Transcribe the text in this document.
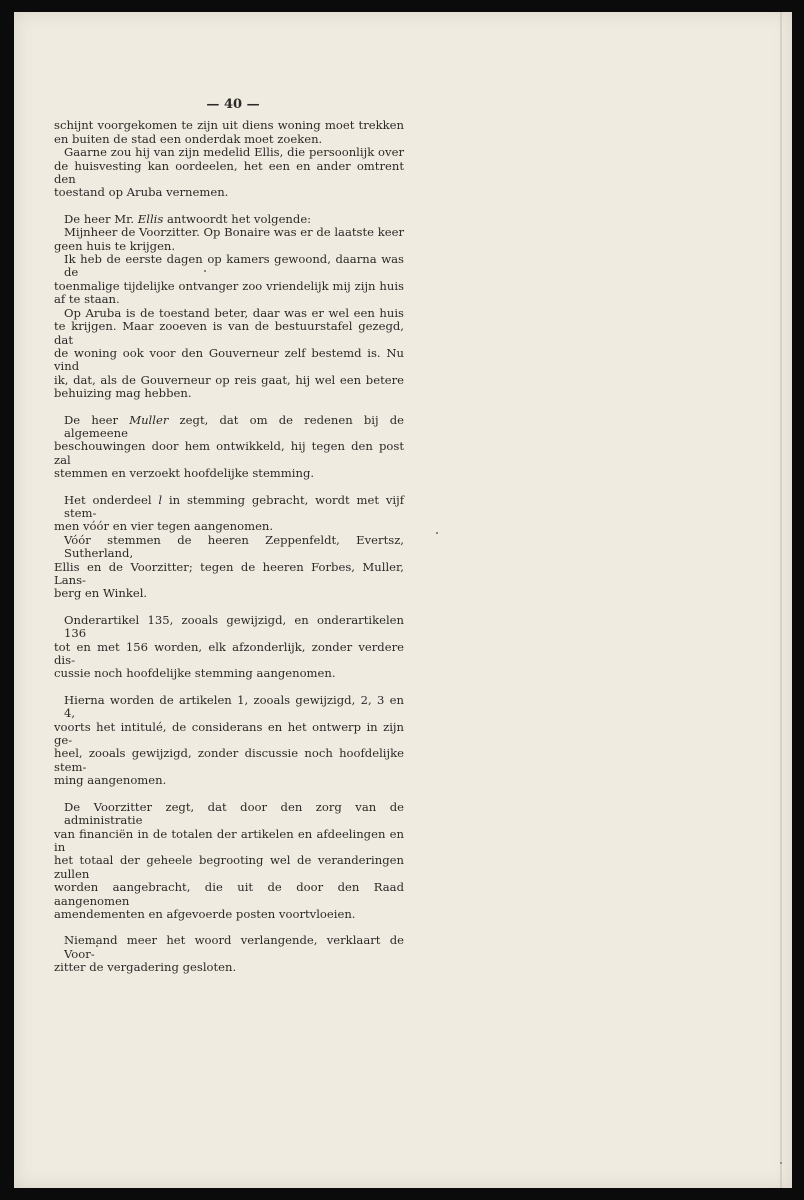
— 40 —

schijnt voorgekomen te zijn uit diens woning moet trekken
en buiten de stad een onderdak moet zoeken.

Gaarne zou hij van zijn medelid Ellis, die persoonlijk over
de huisvesting kan oordeelen, het een en ander omtrent den
toestand op Aruba vernemen.

De heer Mr. Ellis antwoordt het volgende:

Mijnheer de Voorzitter. Op Bonaire was er de laatste keer
geen huis te krijgen.

Ik heb de eerste dagen op kamers gewoond, daarna was de
toenmalige tijdelijke ontvanger zoo vriendelijk mij zijn huis
af te staan.

Op Aruba is de toestand beter, daar was er wel een huis
te krijgen. Maar zooeven is van de bestuurstafel gezegd, dat
de woning ook voor den Gouverneur zelf bestemd is. Nu vind
ik, dat, als de Gouverneur op reis gaat, hij wel een betere
behuizing mag hebben.

De heer Muller zegt, dat om de redenen bij de algemeene
beschouwingen door hem ontwikkeld, hij tegen den post zal
stemmen en verzoekt hoofdelijke stemming.

Het onderdeel l in stemming gebracht, wordt met vijf stem-
men vóór en vier tegen aangenomen.

Vóór stemmen de heeren Zeppenfeldt, Evertsz, Sutherland,
Ellis en de Voorzitter; tegen de heeren Forbes, Muller, Lans-
berg en Winkel.

Onderartikel 135, zooals gewijzigd, en onderartikelen 136
tot en met 156 worden, elk afzonderlijk, zonder verdere dis-
cussie noch hoofdelijke stemming aangenomen.

Hierna worden de artikelen 1, zooals gewijzigd, 2, 3 en 4,
voorts het intitulé, de considerans en het ontwerp in zijn ge-
heel, zooals gewijzigd, zonder discussie noch hoofdelijke stem-
ming aangenomen.

De Voorzitter zegt, dat door den zorg van de administratie
van financiën in de totalen der artikelen en afdeelingen en in
het totaal der geheele begrooting wel de veranderingen zullen
worden aangebracht, die uit de door den Raad aangenomen
amendementen en afgevoerde posten voortvloeien.

Niemand meer het woord verlangende, verklaart de Voor-
zitter de vergadering gesloten.
